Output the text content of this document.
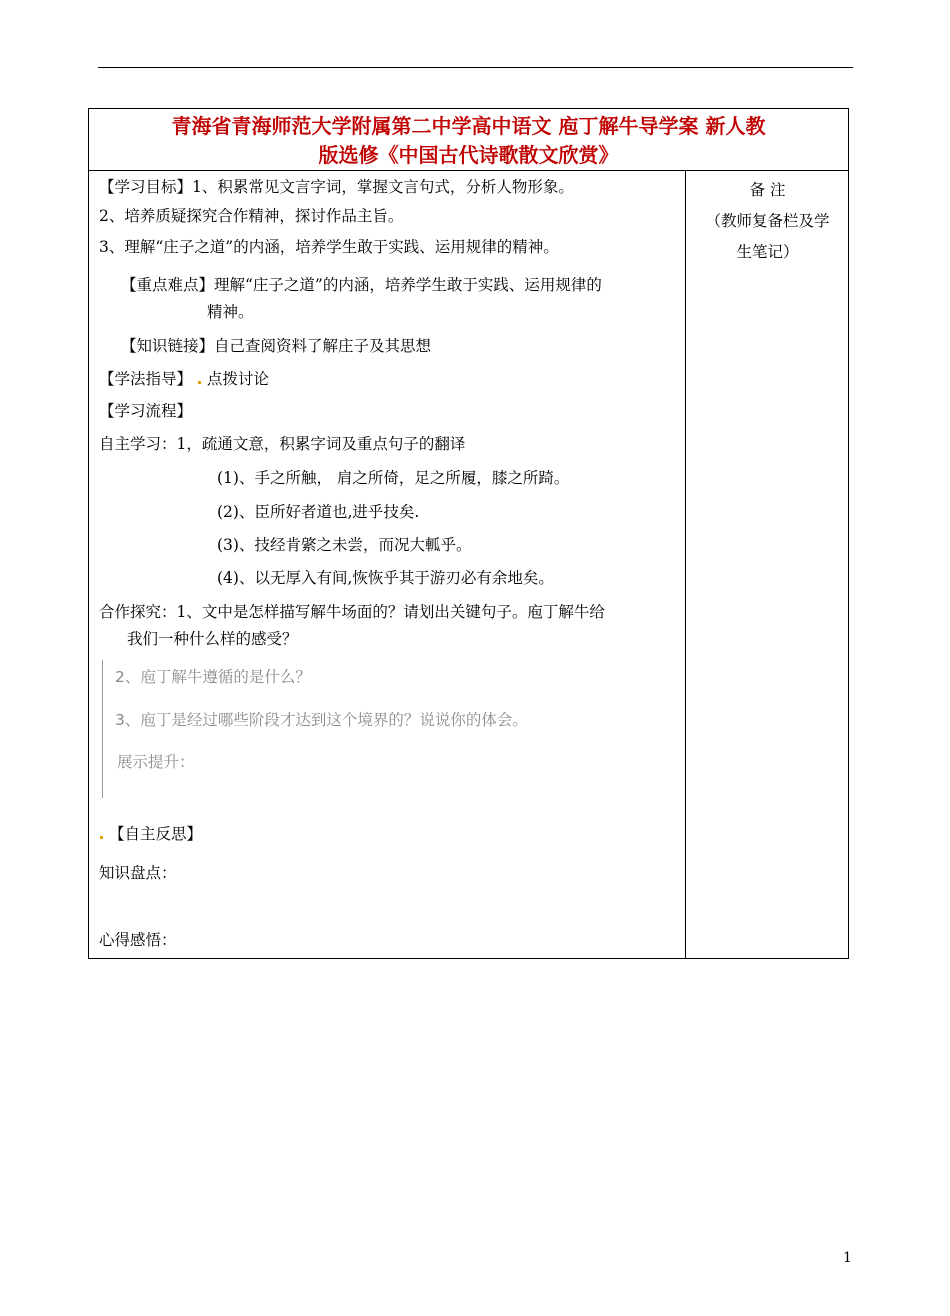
青海省青海师范大学附属第二中学高中语文 庖丁解牛导学案 新人教
版选修《中国古代诗歌散文欣赏》
备 注
（教师复备栏及学
生笔记）
【学习目标】1、积累常见文言字词，掌握文言句式，分析人物形象。
2、培养质疑探究合作精神，探讨作品主旨。
3、理解“庄子之道”的内涵，培养学生敢于实践、运用规律的精神。
【重点难点】理解“庄子之道”的内涵，培养学生敢于实践、运用规律的
精神。
【知识链接】自己查阅资料了解庄子及其思想
【学法指导】 点拨讨论
【学习流程】
自主学习：1，疏通文意，积累字词及重点句子的翻译
(1)、手之所触， 肩之所倚，足之所履，膝之所踦。
(2)、臣所好者道也,进乎技矣.
(3)、技经肯綮之未尝，而况大軱乎。
(4)、以无厚入有间,恢恢乎其于游刃必有余地矣。
合作探究：1、文中是怎样描写解牛场面的？请划出关键句子。庖丁解牛给
我们一种什么样的感受？
2、庖丁解牛遵循的是什么？
3、庖丁是经过哪些阶段才达到这个境界的？说说你的体会。
展示提升：
【自主反思】
知识盘点：
心得感悟：
1
